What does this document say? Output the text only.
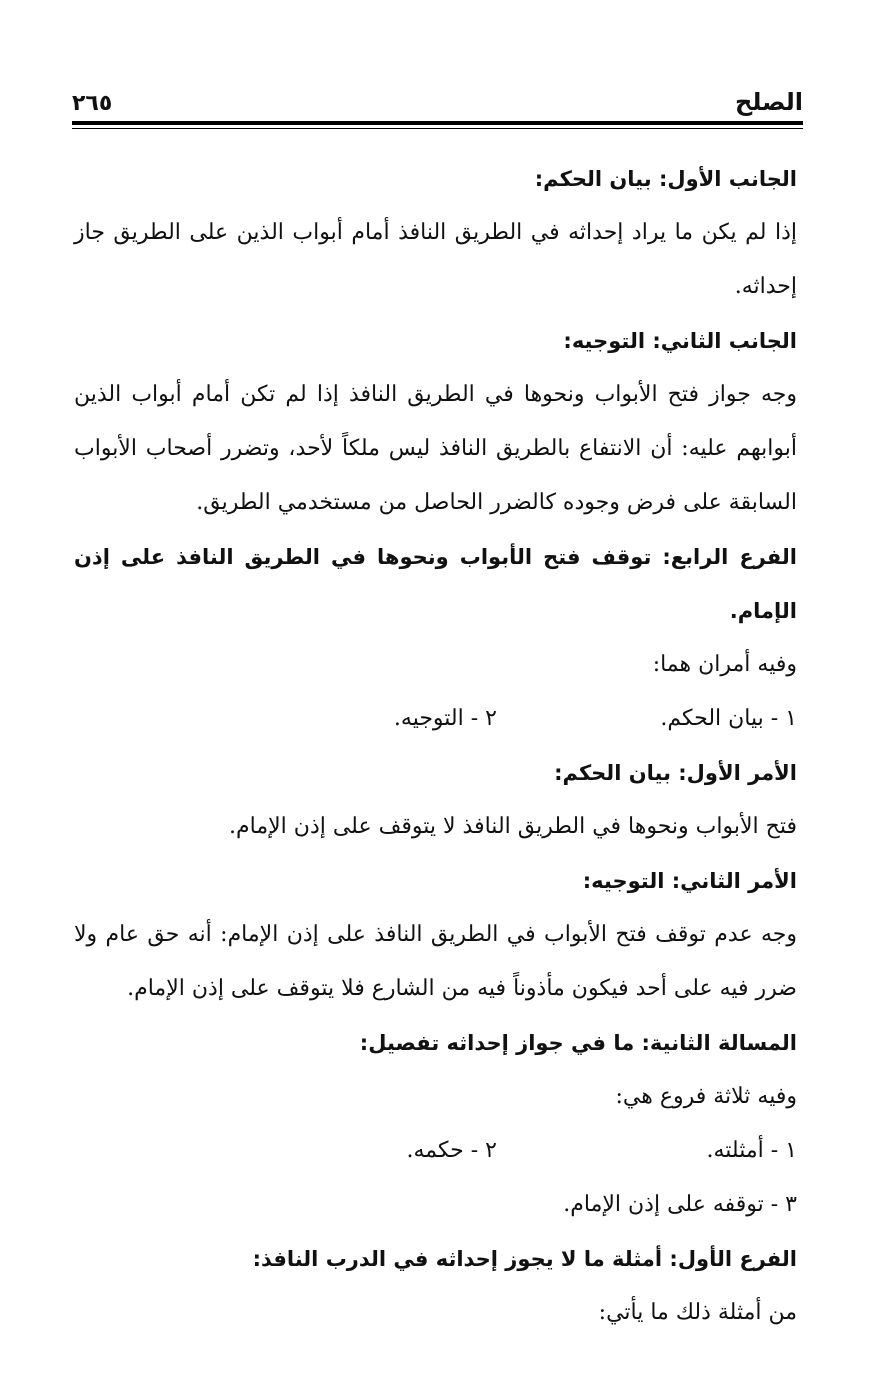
الصلح
٢٦٥

الجانب الأول: بيان الحكم:

إذا لم يكن ما يراد إحداثه في الطريق النافذ أمام أبواب الذين على الطريق جاز إحداثه.

الجانب الثاني: التوجيه:

وجه جواز فتح الأبواب ونحوها في الطريق النافذ إذا لم تكن أمام أبواب الذين أبوابهم عليه: أن الانتفاع بالطريق النافذ ليس ملكاً لأحد، وتضرر أصحاب الأبواب السابقة على فرض وجوده كالضرر الحاصل من مستخدمي الطريق.

الفرع الرابع: توقف فتح الأبواب ونحوها في الطريق النافذ على إذن الإمام.

وفيه أمران هما:

١ - بيان الحكم.
٢ - التوجيه.

الأمر الأول: بيان الحكم:

فتح الأبواب ونحوها في الطريق النافذ لا يتوقف على إذن الإمام.

الأمر الثاني: التوجيه:

وجه عدم توقف فتح الأبواب في الطريق النافذ على إذن الإمام: أنه حق عام ولا ضرر فيه على أحد فيكون مأذوناً فيه من الشارع فلا يتوقف على إذن الإمام.

المسالة الثانية: ما في جواز إحداثه تفصيل:

وفيه ثلاثة فروع هي:

١ - أمثلته.
٢ - حكمه.

٣ - توقفه على إذن الإمام.

الفرع الأول: أمثلة ما لا يجوز إحداثه في الدرب النافذ:

من أمثلة ذلك ما يأتي:
